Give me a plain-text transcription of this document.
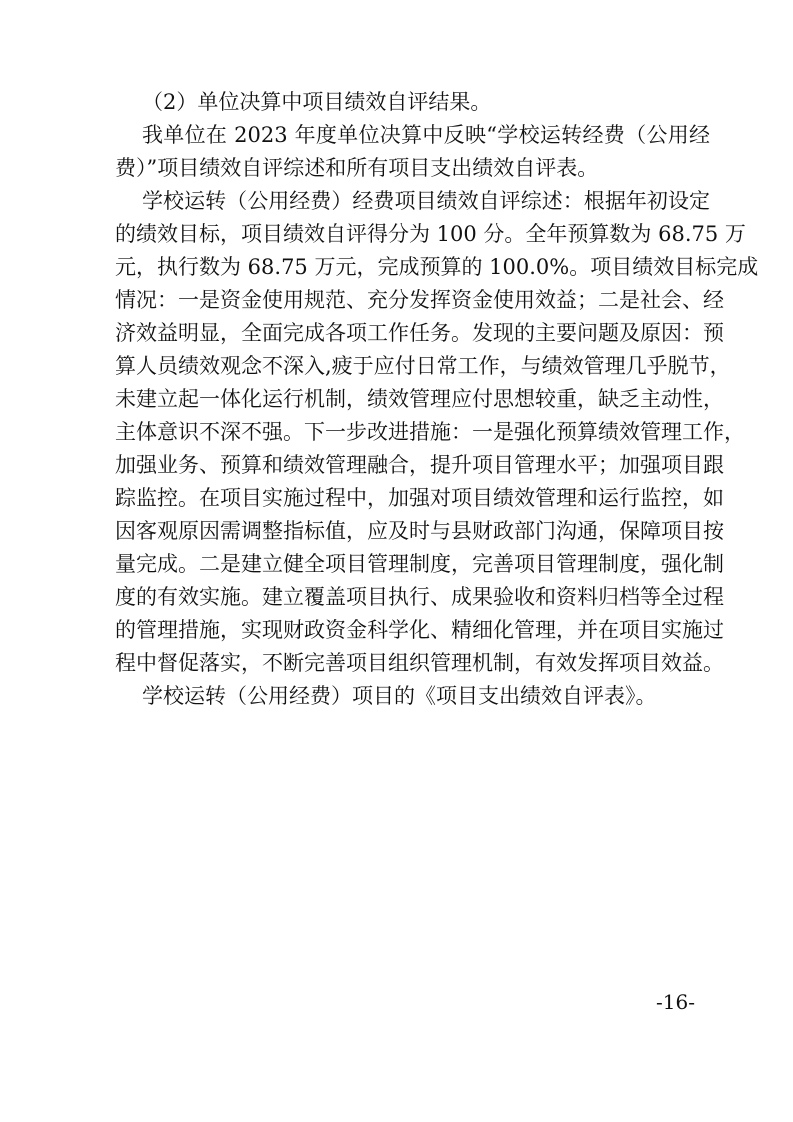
（2）单位决算中项目绩效自评结果。
我单位在 2023 年度单位决算中反映“学校运转经费（公用经
费）”项目绩效自评综述和所有项目支出绩效自评表。
学校运转（公用经费）经费项目绩效自评综述：根据年初设定
的绩效目标，项目绩效自评得分为 100 分。全年预算数为 68.75 万
元，执行数为 68.75 万元，完成预算的 100.0%。项目绩效目标完成
情况：一是资金使用规范、充分发挥资金使用效益；二是社会、经
济效益明显，全面完成各项工作任务。发现的主要问题及原因：预
算人员绩效观念不深入,疲于应付日常工作，与绩效管理几乎脱节，
未建立起一体化运行机制，绩效管理应付思想较重，缺乏主动性，
主体意识不深不强。下一步改进措施：一是强化预算绩效管理工作，
加强业务、预算和绩效管理融合，提升项目管理水平；加强项目跟
踪监控。在项目实施过程中，加强对项目绩效管理和运行监控，如
因客观原因需调整指标值，应及时与县财政部门沟通，保障项目按
量完成。二是建立健全项目管理制度，完善项目管理制度，强化制
度的有效实施。建立覆盖项目执行、成果验收和资料归档等全过程
的管理措施，实现财政资金科学化、精细化管理，并在项目实施过
程中督促落实，不断完善项目组织管理机制，有效发挥项目效益。
学校运转（公用经费）项目的《项目支出绩效自评表》。
-16-
